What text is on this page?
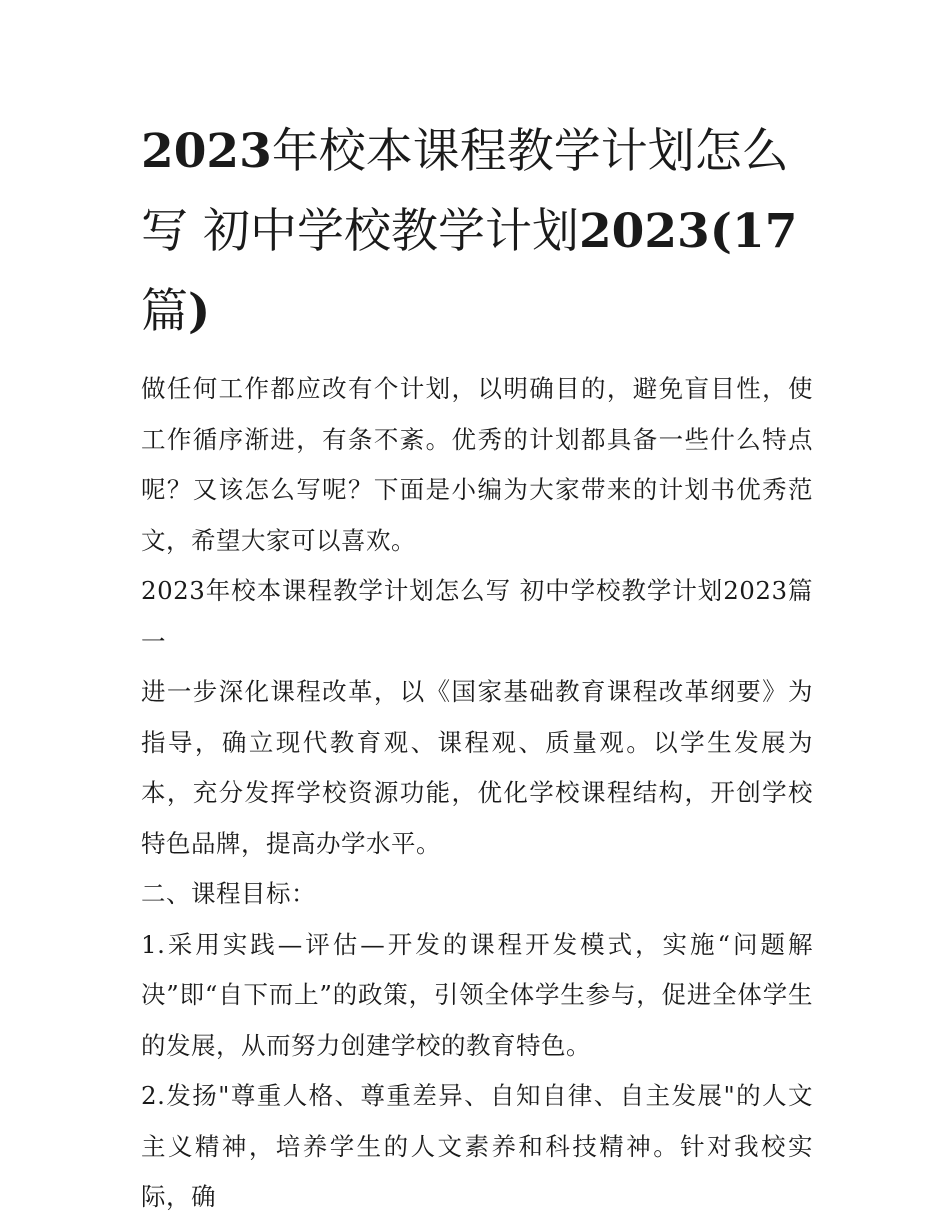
2023年校本课程教学计划怎么写 初中学校教学计划2023(17篇)

做任何工作都应改有个计划，以明确目的，避免盲目性，使工作循序渐进，有条不紊。优秀的计划都具备一些什么特点呢？又该怎么写呢？下面是小编为大家带来的计划书优秀范文，希望大家可以喜欢。

2023年校本课程教学计划怎么写 初中学校教学计划2023篇一

进一步深化课程改革，以《国家基础教育课程改革纲要》为指导，确立现代教育观、课程观、质量观。以学生发展为本，充分发挥学校资源功能，优化学校课程结构，开创学校特色品牌，提高办学水平。

二、课程目标：

1.采用实践—评估—开发的课程开发模式，实施“问题解决”即“自下而上”的政策，引领全体学生参与，促进全体学生的发展，从而努力创建学校的教育特色。

2.发扬"尊重人格、尊重差异、自知自律、自主发展"的人文主义精神，培养学生的人文素养和科技精神。针对我校实际，确
